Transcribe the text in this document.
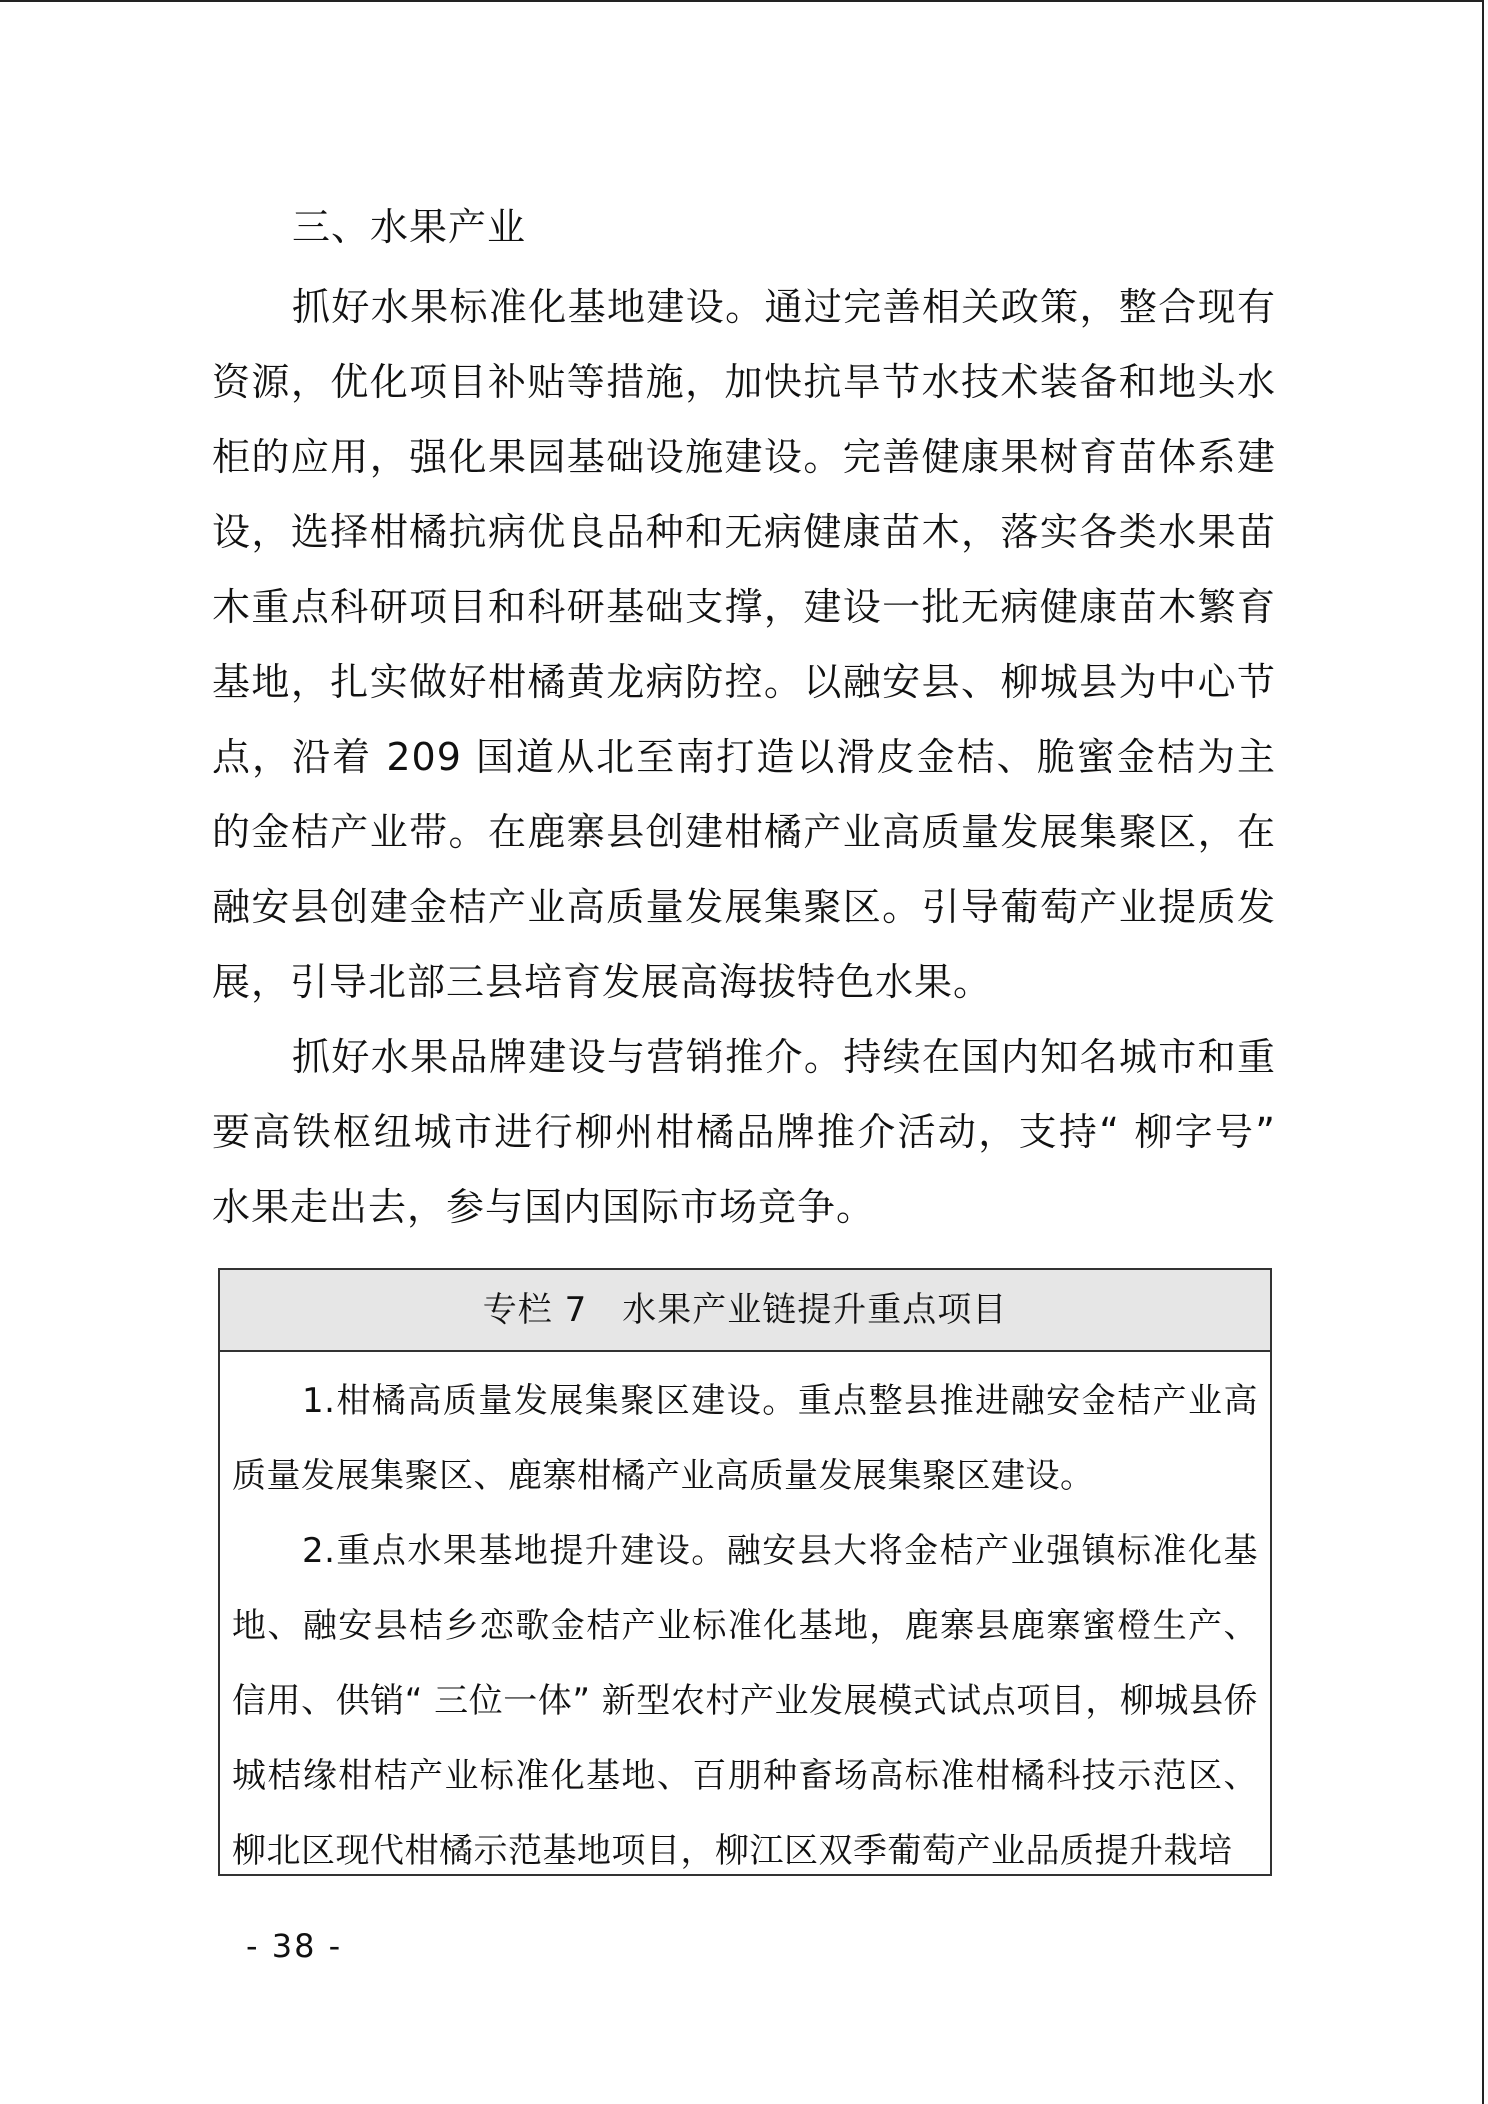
三、水果产业

抓好水果标准化基地建设。通过完善相关政策，整合现有资源，优化项目补贴等措施，加快抗旱节水技术装备和地头水柜的应用，强化果园基础设施建设。完善健康果树育苗体系建设，选择柑橘抗病优良品种和无病健康苗木，落实各类水果苗木重点科研项目和科研基础支撑，建设一批无病健康苗木繁育基地，扎实做好柑橘黄龙病防控。以融安县、柳城县为中心节点，沿着 209 国道从北至南打造以滑皮金桔、脆蜜金桔为主的金桔产业带。在鹿寨县创建柑橘产业高质量发展集聚区，在融安县创建金桔产业高质量发展集聚区。引导葡萄产业提质发展，引导北部三县培育发展高海拔特色水果。

抓好水果品牌建设与营销推介。持续在国内知名城市和重要高铁枢纽城市进行柳州柑橘品牌推介活动，支持“ 柳字号” 水果走出去，参与国内国际市场竞争。

专栏 7　水果产业链提升重点项目

1.柑橘高质量发展集聚区建设。重点整县推进融安金桔产业高质量发展集聚区、鹿寨柑橘产业高质量发展集聚区建设。

2.重点水果基地提升建设。融安县大将金桔产业强镇标准化基地、融安县桔乡恋歌金桔产业标准化基地，鹿寨县鹿寨蜜橙生产、信用、供销“ 三位一体” 新型农村产业发展模式试点项目，柳城县侨城桔缘柑桔产业标准化基地、百朋种畜场高标准柑橘科技示范区、柳北区现代柑橘示范基地项目，柳江区双季葡萄产业品质提升栽培

- 38 -
